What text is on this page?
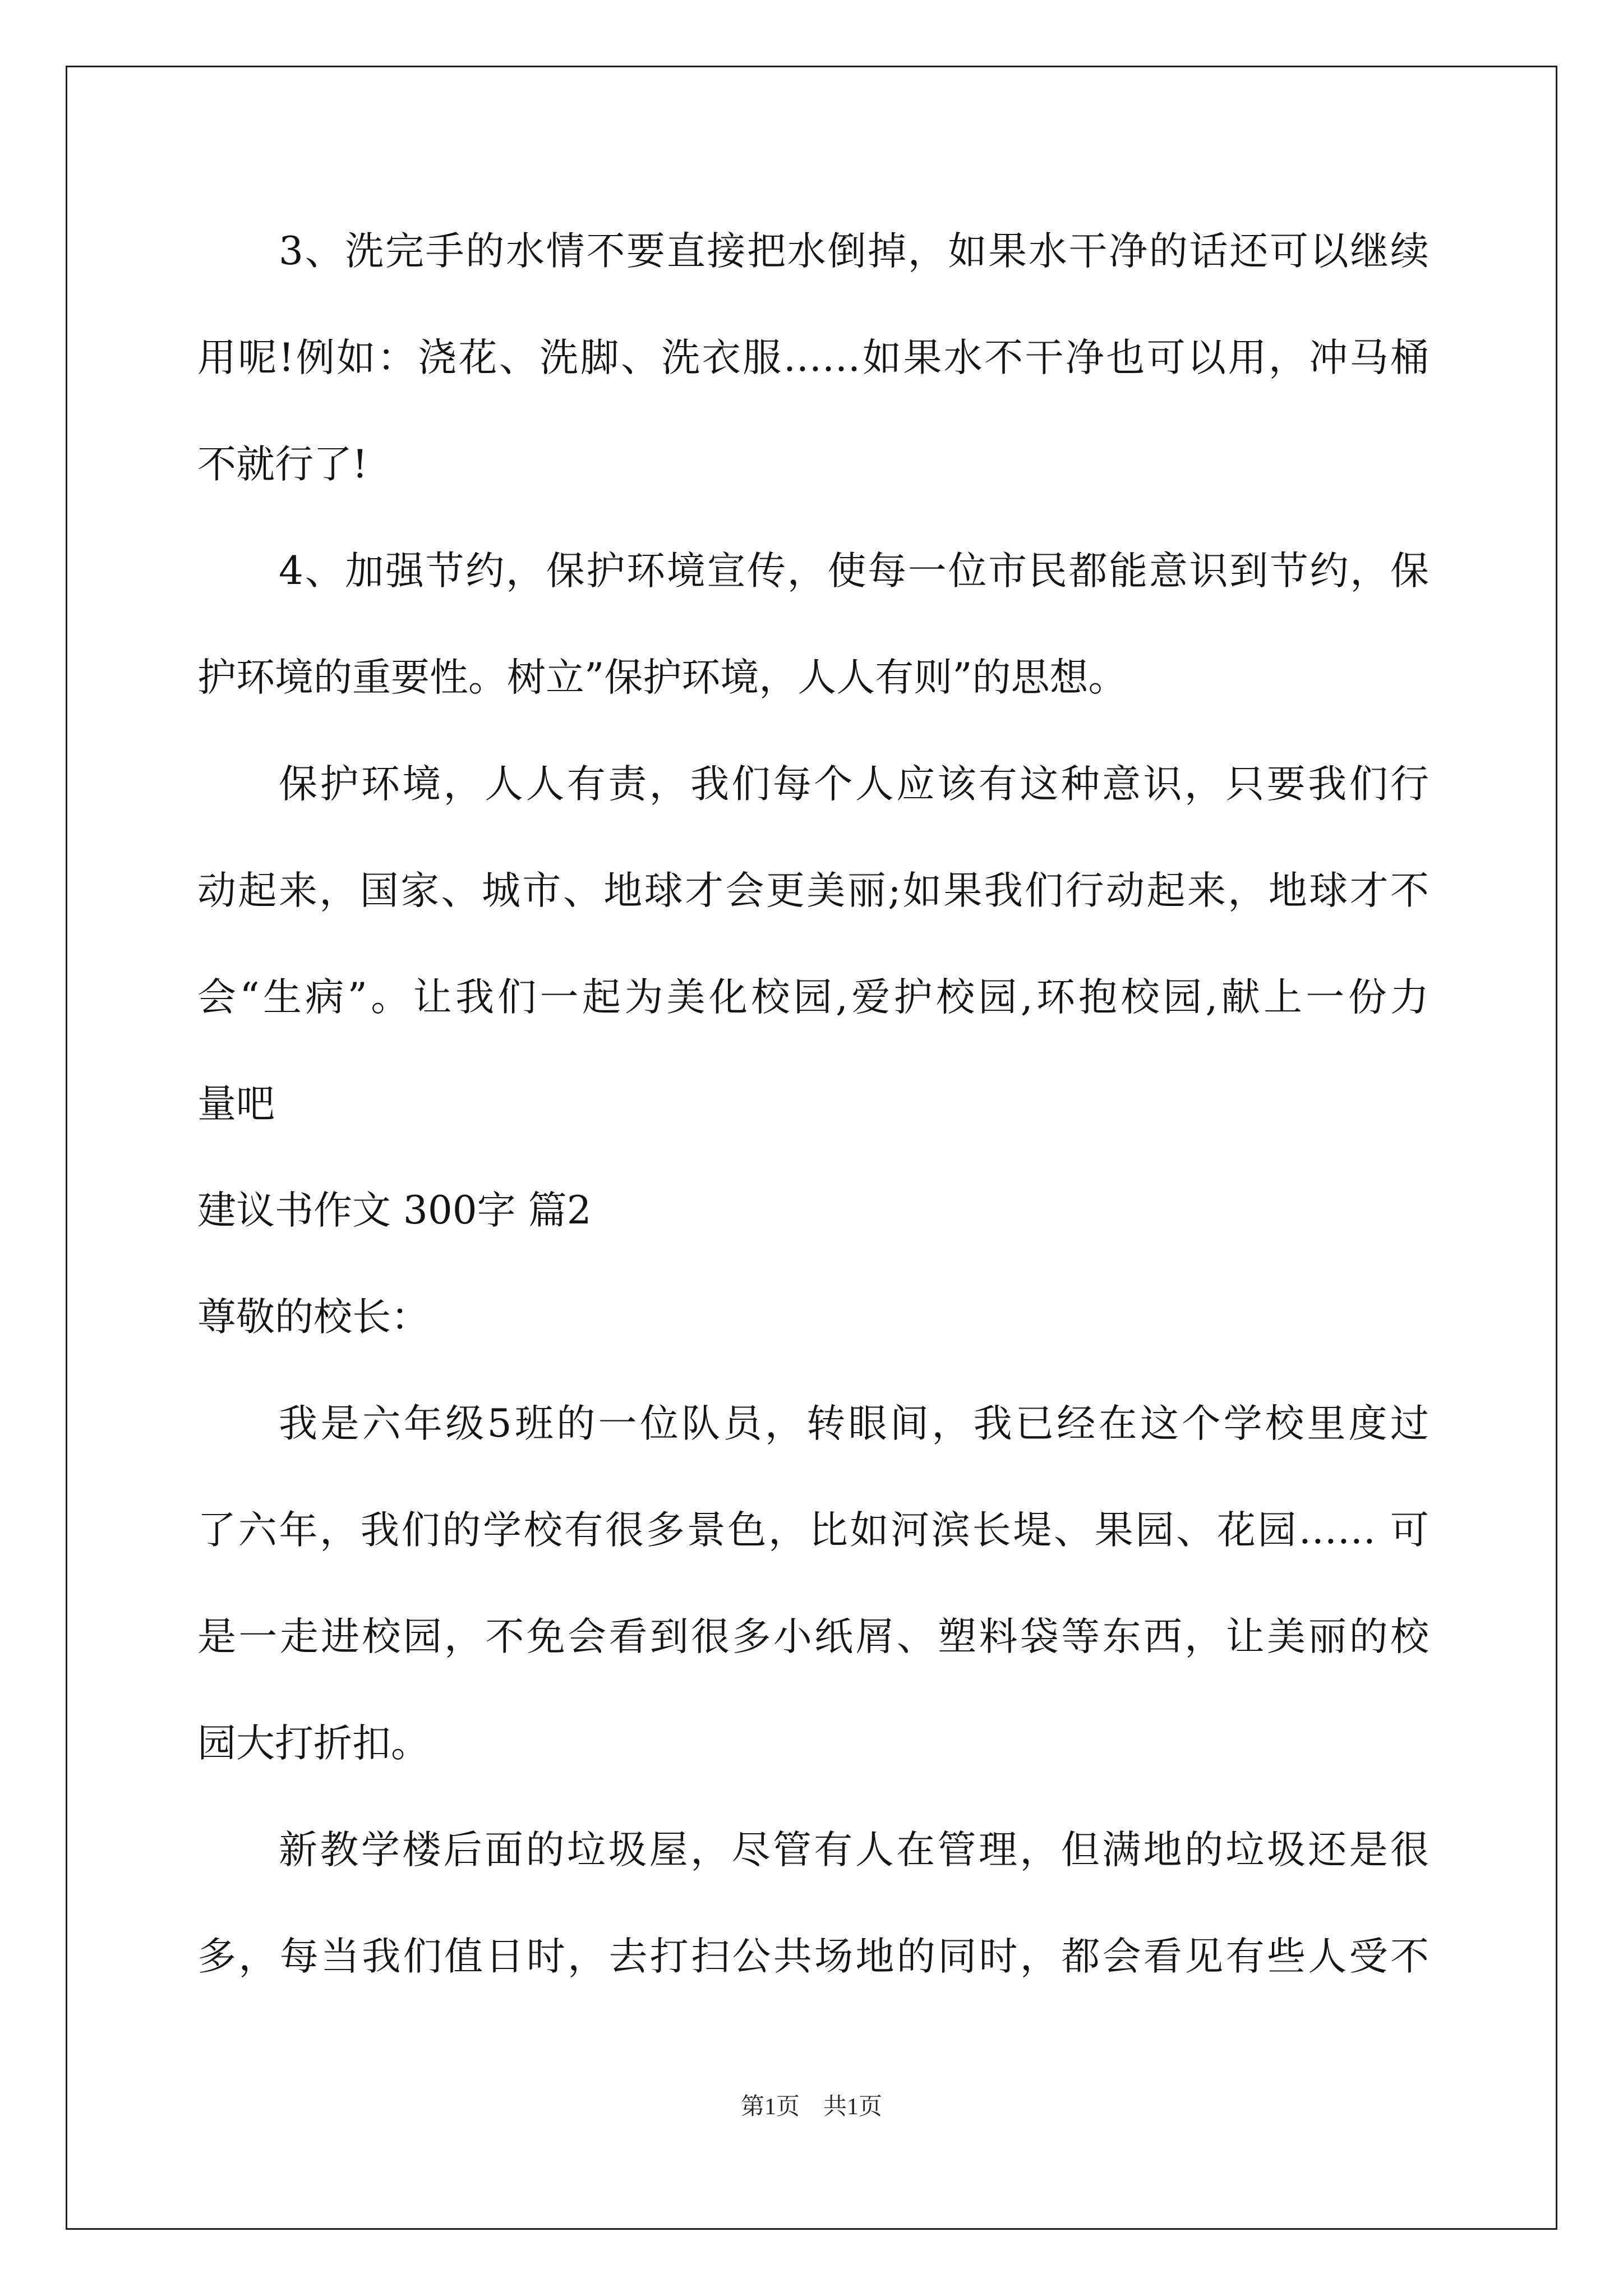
3、洗完手的水情不要直接把水倒掉，如果水干净的话还可以继续

用呢!例如：浇花、洗脚、洗衣服……如果水不干净也可以用，冲马桶

不就行了!

4、加强节约，保护环境宣传，使每一位市民都能意识到节约，保

护环境的重要性。树立”保护环境，人人有则”的思想。

保护环境，人人有责，我们每个人应该有这种意识，只要我们行

动起来，国家、城市、地球才会更美丽;如果我们行动起来，地球才不

会“生病”。让我们一起为美化校园,爱护校园,环抱校园,献上一份力

量吧

建议书作文 300字 篇2

尊敬的校长：

我是六年级5班的一位队员，转眼间，我已经在这个学校里度过

了六年，我们的学校有很多景色，比如河滨长堤、果园、花园…… 可

是一走进校园，不免会看到很多小纸屑、塑料袋等东西，让美丽的校

园大打折扣。

新教学楼后面的垃圾屋，尽管有人在管理，但满地的垃圾还是很

多，每当我们值日时，去打扫公共场地的同时，都会看见有些人受不

第1页　共1页
